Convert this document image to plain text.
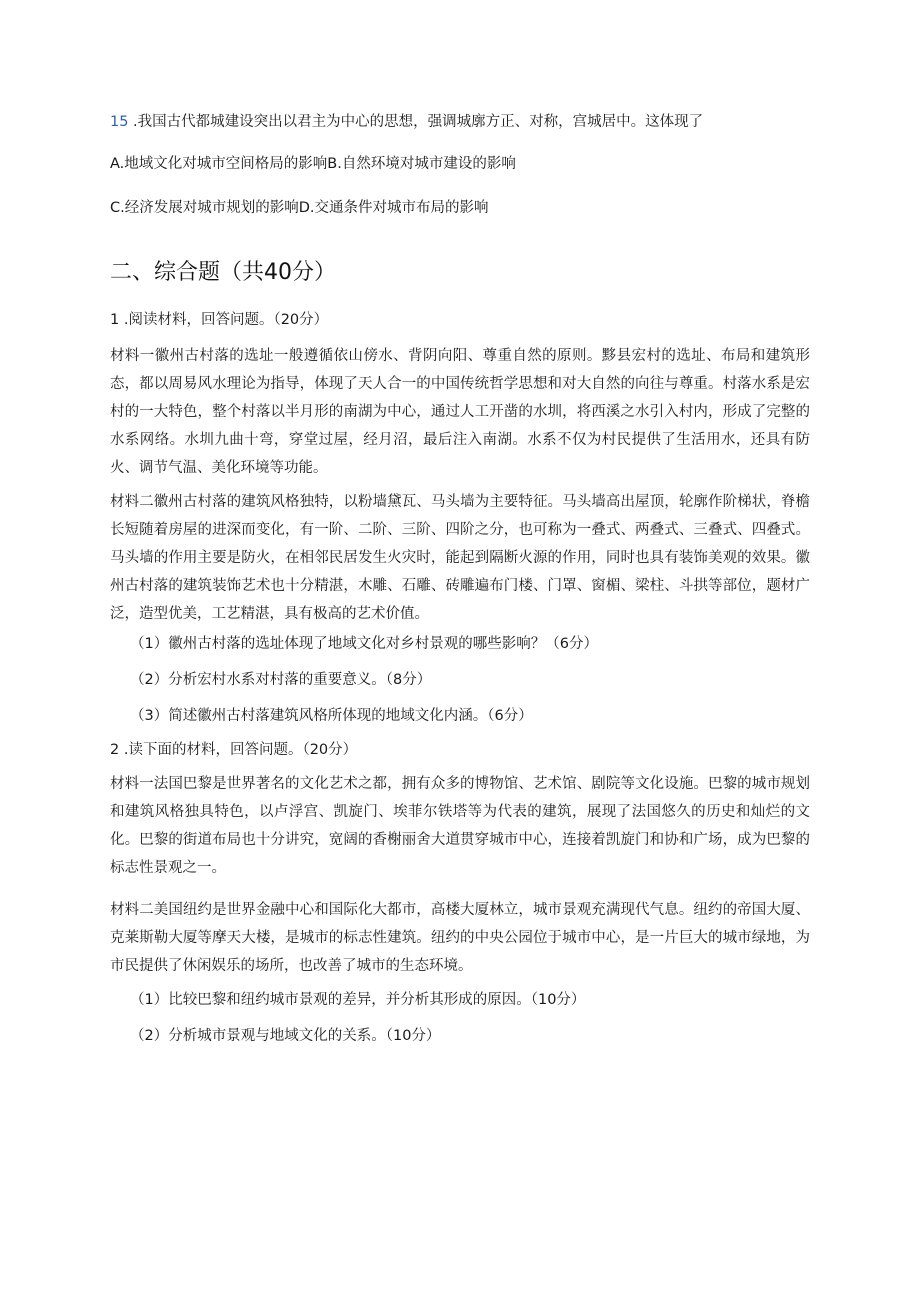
15 .我国古代都城建设突出以君主为中心的思想，强调城廓方正、对称，宫城居中。这体现了
A.地域文化对城市空间格局的影响B.自然环境对城市建设的影响
C.经济发展对城市规划的影响D.交通条件对城市布局的影响
二、综合题（共40分）
1 .阅读材料，回答问题。（20分）
材料一徽州古村落的选址一般遵循依山傍水、背阴向阳、尊重自然的原则。黟县宏村的选址、布局和建筑形态，都以周易风水理论为指导，体现了天人合一的中国传统哲学思想和对大自然的向往与尊重。村落水系是宏村的一大特色，整个村落以半月形的南湖为中心，通过人工开凿的水圳，将西溪之水引入村内，形成了完整的水系网络。水圳九曲十弯，穿堂过屋，经月沼，最后注入南湖。水系不仅为村民提供了生活用水，还具有防火、调节气温、美化环境等功能。
材料二徽州古村落的建筑风格独特，以粉墙黛瓦、马头墙为主要特征。马头墙高出屋顶，轮廓作阶梯状，脊檐长短随着房屋的进深而变化，有一阶、二阶、三阶、四阶之分，也可称为一叠式、两叠式、三叠式、四叠式。马头墙的作用主要是防火，在相邻民居发生火灾时，能起到隔断火源的作用，同时也具有装饰美观的效果。徽州古村落的建筑装饰艺术也十分精湛，木雕、石雕、砖雕遍布门楼、门罩、窗楣、梁柱、斗拱等部位，题材广泛，造型优美，工艺精湛，具有极高的艺术价值。
（1）徽州古村落的选址体现了地域文化对乡村景观的哪些影响？（6分）
（2）分析宏村水系对村落的重要意义。（8分）
（3）简述徽州古村落建筑风格所体现的地域文化内涵。（6分）
2 .读下面的材料，回答问题。（20分）
材料一法国巴黎是世界著名的文化艺术之都，拥有众多的博物馆、艺术馆、剧院等文化设施。巴黎的城市规划和建筑风格独具特色，以卢浮宫、凯旋门、埃菲尔铁塔等为代表的建筑，展现了法国悠久的历史和灿烂的文化。巴黎的街道布局也十分讲究，宽阔的香榭丽舍大道贯穿城市中心，连接着凯旋门和协和广场，成为巴黎的标志性景观之一。
材料二美国纽约是世界金融中心和国际化大都市，高楼大厦林立，城市景观充满现代气息。纽约的帝国大厦、克莱斯勒大厦等摩天大楼，是城市的标志性建筑。纽约的中央公园位于城市中心，是一片巨大的城市绿地，为市民提供了休闲娱乐的场所，也改善了城市的生态环境。
（1）比较巴黎和纽约城市景观的差异，并分析其形成的原因。（10分）
（2）分析城市景观与地域文化的关系。（10分）
